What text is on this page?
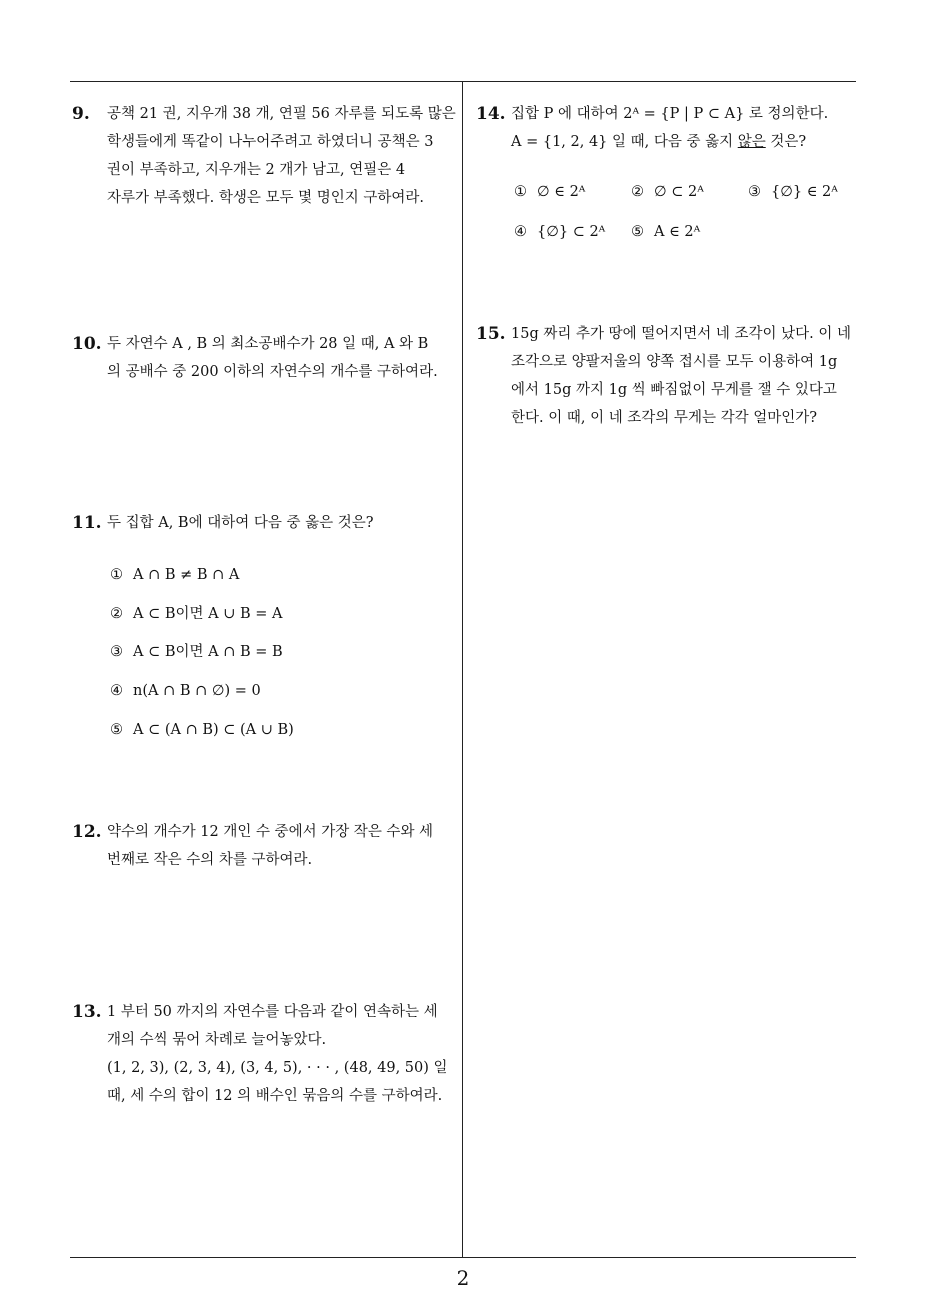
9. 공책 21 권, 지우개 38 개, 연필 56 자루를 되도록 많은
학생들에게 똑같이 나누어주려고 하였더니 공책은 3
권이 부족하고, 지우개는 2 개가 남고, 연필은 4
자루가 부족했다. 학생은 모두 몇 명인지 구하여라.
10. 두 자연수 A , B 의 최소공배수가 28 일 때, A 와 B
의 공배수 중 200 이하의 자연수의 개수를 구하여라.
11. 두 집합 A, B에 대하여 다음 중 옳은 것은?
① A ∩ B ≠ B ∩ A
② A ⊂ B이면 A ∪ B = A
③ A ⊂ B이면 A ∩ B = B
④ n(A ∩ B ∩ ∅) = 0
⑤ A ⊂ (A ∩ B) ⊂ (A ∪ B)
12. 약수의 개수가 12 개인 수 중에서 가장 작은 수와 세
번째로 작은 수의 차를 구하여라.
13. 1 부터 50 까지의 자연수를 다음과 같이 연속하는 세
개의 수씩 묶어 차례로 늘어놓았다.
(1, 2, 3), (2, 3, 4), (3, 4, 5), · · · , (48, 49, 50) 일
때, 세 수의 합이 12 의 배수인 묶음의 수를 구하여라.
14. 집합 P 에 대하여 2ᴬ = {P | P ⊂ A} 로 정의한다.
A = {1, 2, 4} 일 때, 다음 중 옳지 않은 것은?
① ∅ ∈ 2ᴬ	② ∅ ⊂ 2ᴬ	③ {∅} ∈ 2ᴬ
④ {∅} ⊂ 2ᴬ ⑤ A ∈ 2ᴬ
15. 15g 짜리 추가 땅에 떨어지면서 네 조각이 났다. 이 네
조각으로 양팔저울의 양쪽 접시를 모두 이용하여 1g
에서 15g 까지 1g 씩 빠짐없이 무게를 잴 수 있다고
한다. 이 때, 이 네 조각의 무게는 각각 얼마인가?
2
